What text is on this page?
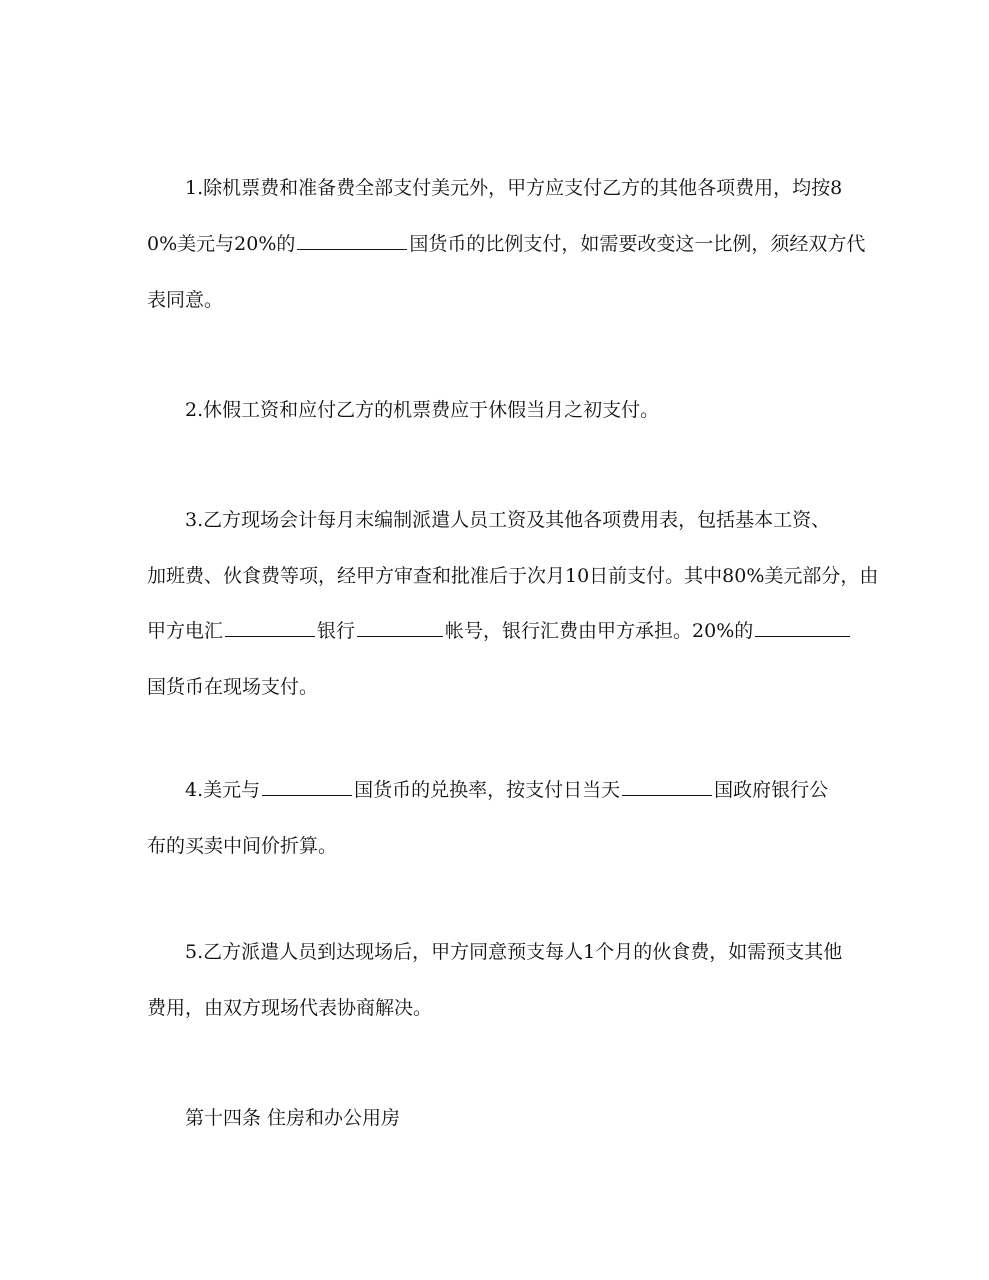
1.除机票费和准备费全部支付美元外，甲方应支付乙方的其他各项费用，均按8
0%美元与20%的	国货币的比例支付，如需要改变这一比例，须经双方代
表同意。
2.休假工资和应付乙方的机票费应于休假当月之初支付。
3.乙方现场会计每月末编制派遣人员工资及其他各项费用表，包括基本工资、
加班费、伙食费等项，经甲方审查和批准后于次月10日前支付。其中80%美元部分，由
甲方电汇	银行	帐号，银行汇费由甲方承担。20%的
国货币在现场支付。
4.美元与	国货币的兑换率，按支付日当天	国政府银行公
布的买卖中间价折算。
5.乙方派遣人员到达现场后，甲方同意预支每人1个月的伙食费，如需预支其他
费用，由双方现场代表协商解决。
第十四条 住房和办公用房
